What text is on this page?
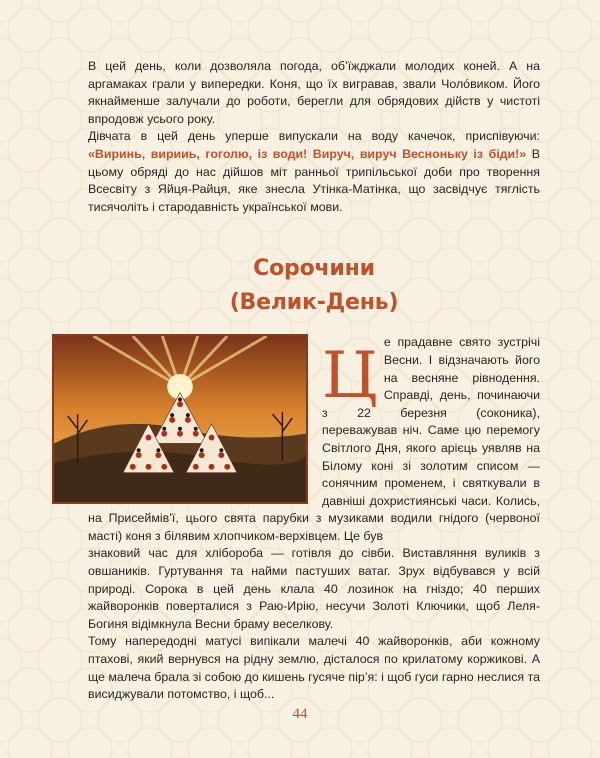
В цей день, коли дозволяла погода, об’їжджали молодих коней. А на аргамаках грали у випередки. Коня, що їх вигравав, звали Чолóвиком. Його якнайменше залучали до роботи, берегли для обрядових дійств у чистоті впродовж усього року.

Дівчата в цей день уперше випускали на воду качечок, приспівуючи: «Виринь, вирииь, гоголю, із води! Вируч, вируч Весноньку із біди!» В цьому обряді до нас дійшов міт ранньої трипільської доби про творення Всесвіту з Яйця-Райця, яке знесла Утінка-Матінка, що засвідчує тяглість тисячоліть і стародавність української мови.

Сорочини
(Велик-День)
Ц е прадавне свято зустрічі Весни. І відзначають його на весняне рівнодення. Справді, день, починаючи з 22 березня (соконика), переважував ніч. Саме цю перемогу Світлого Дня, якого арієць уявляв на Білому коні зі золотим списом — сонячним променем, і святкували в давніші дохристиянські часи. Колись, на Присеймів’ї, цього свята парубки з музиками водили гнідого (червоної масті) коня з білявим хлопчиком-верхівцем. Це був

знаковий час для хлібороба — готівля до сівби. Виставляння вуликів з овшаників. Гуртування та найми пастуших ватаг. Зрух відбувався у всій природі. Сорока в цей день клала 40 лозинок на гніздо; 40 перших жайворонків поверталися з Раю-Ирію, несучи Золоті Ключики, щоб Леля-Богиня відімкнула Весни браму веселкову.

Тому напередодні матусі випікали малечі 40 жайворонків, аби кожному птахові, який вернувся на рідну землю, дісталося по крилатому коржикові. А ще малеча брала зі собою до кишень гусяче пір’я: і щоб гуси гарно неслися та висиджували потомство, і щоб...

44
